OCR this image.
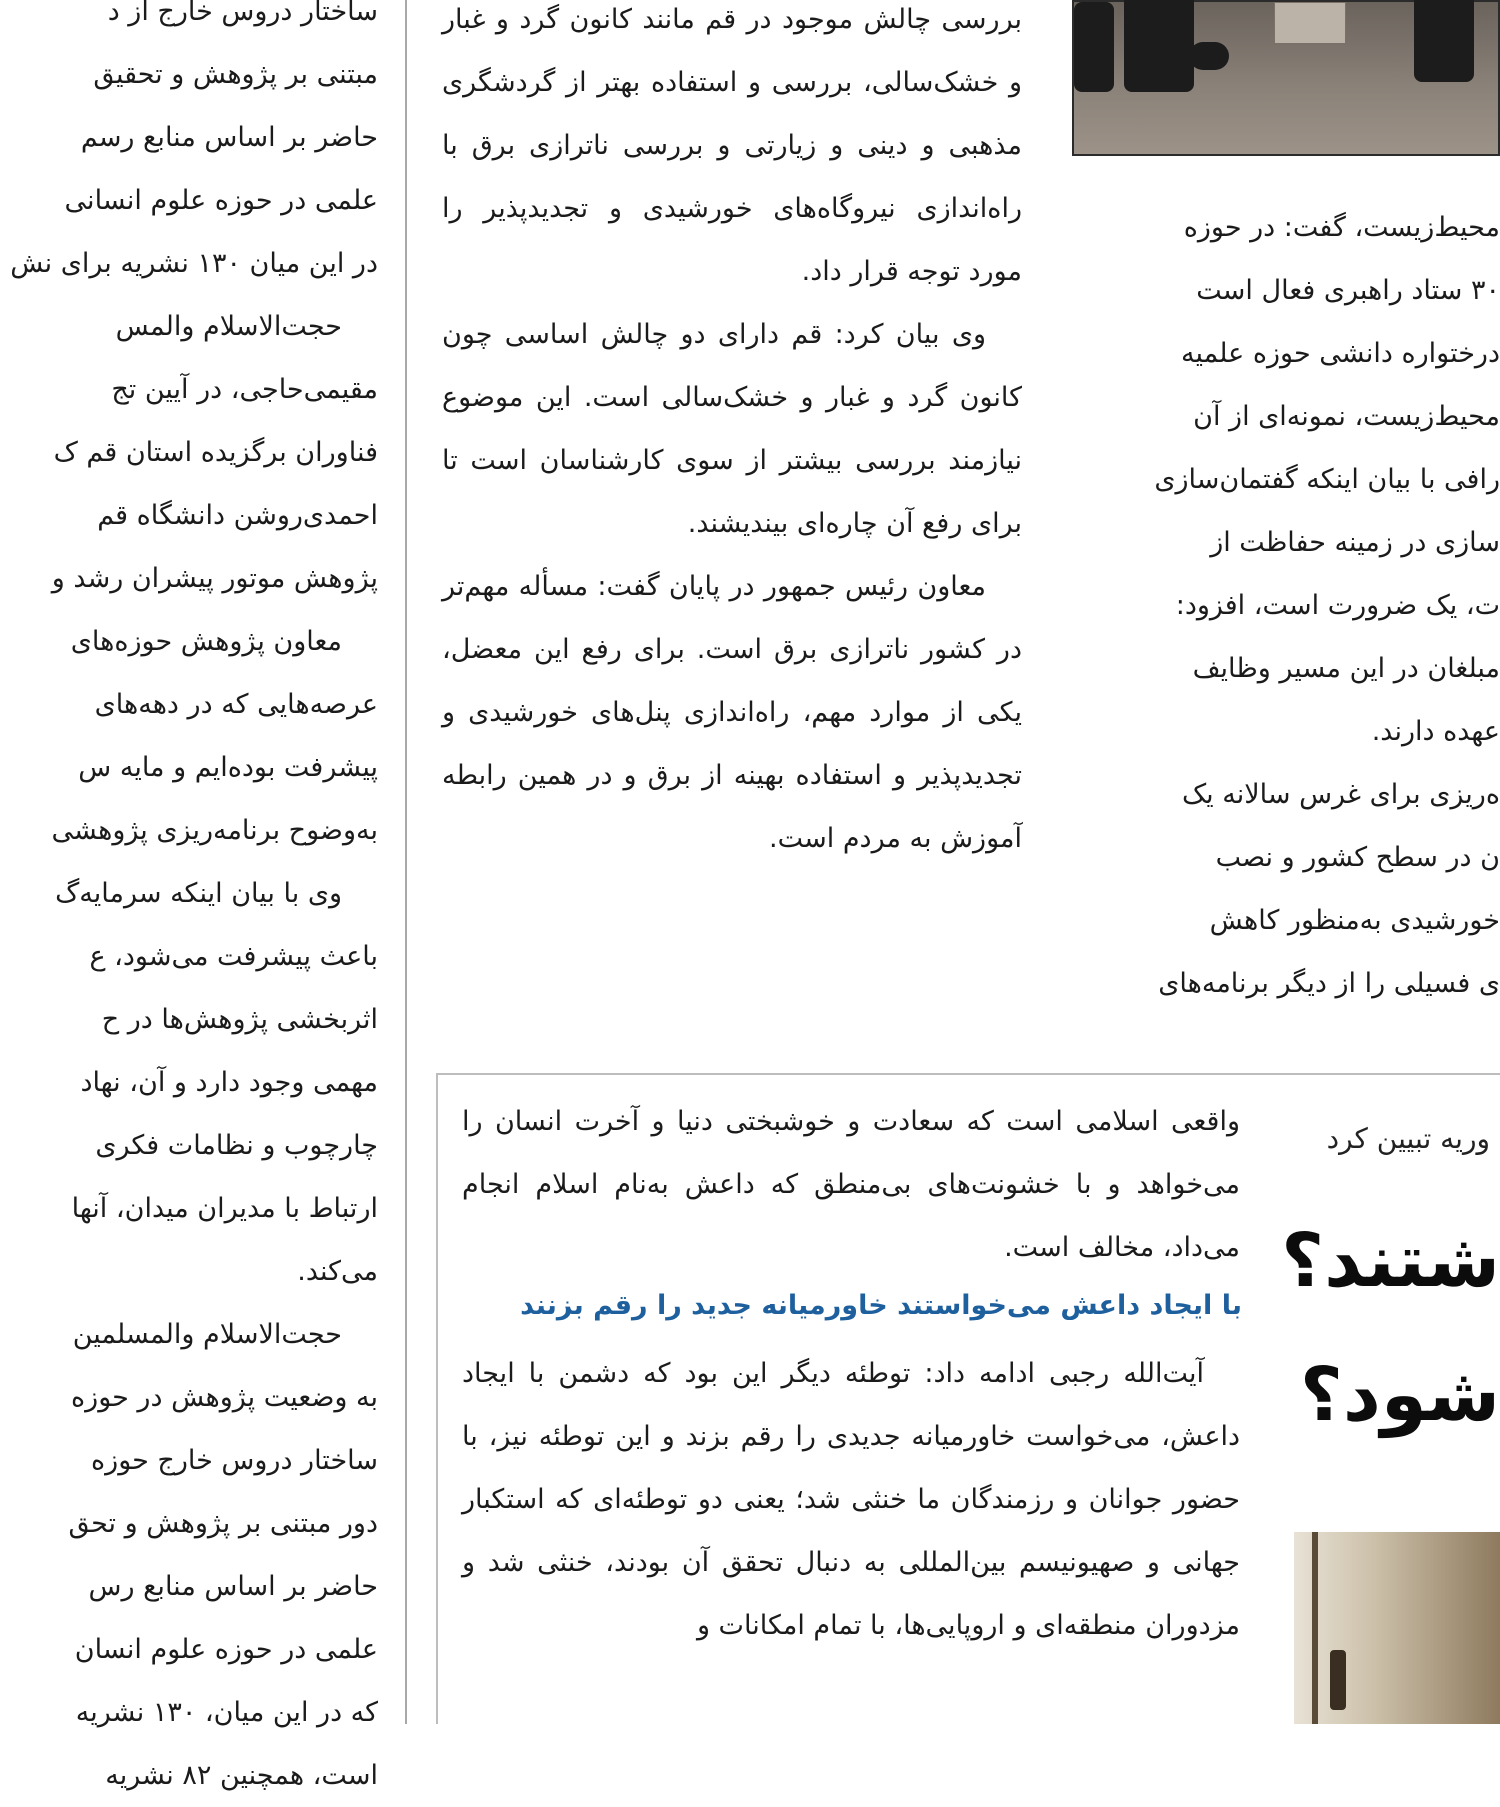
ساختار دروس خارج از د

مبتنی بر پژوهش و تحقیق

حاضر بر اساس منابع رسم

علمی در حوزه علوم انسانی

در این میان ۱۳۰ نشریه برای نش

حجت‌الاسلام والمس

مقیمی‌حاجی، در آیین تج

فناوران برگزیده استان قم ک

احمدی‌روشن دانشگاه قم

پژوهش موتور پیشران رشد و

معاون پژوهش حوزه‌های

عرصه‌هایی که در دهه‌های

پیشرفت بوده‌ایم و مایه س

به‌وضوح برنامه‌ریزی پژوهشی

وی با بیان اینکه سرمایه‌گ

باعث پیشرفت می‌شود، ع

اثربخشی پژوهش‌ها در ح

مهمی وجود دارد و آن، نهاد

چارچوب و نظامات فکری

ارتباط با مدیران میدان، آنها

می‌کند.

حجت‌الاسلام والمسلمین

به وضعیت پژوهش در حوزه

ساختار دروس خارج حوزه

دور مبتنی بر پژوهش و تحق

حاضر بر اساس منابع رس

علمی در حوزه علوم انسان

که در این میان، ۱۳۰ نشریه

است، همچنین ۸۲ نشریه

بررسی چالش موجود در قم مانند کانون گرد و غبار و خشک‌سالی، بررسی و استفاده بهتر از گردشگری مذهبی و دینی و زیارتی و بررسی ناترازی برق با راه‌اندازی نیروگاه‌های خورشیدی و تجدیدپذیر را مورد توجه قرار داد.

وی بیان کرد: قم دارای دو چالش اساسی چون کانون گرد و غبار و خشک‌سالی است. این موضوع نیازمند بررسی بیشتر از سوی کارشناسان است تا برای رفع آن چاره‌ای بیندیشند.

معاون رئیس جمهور در پایان گفت: مسأله مهم‌تر در کشور ناترازی برق است. برای رفع این معضل، یکی از موارد مهم، راه‌اندازی پنل‌های خورشیدی و تجدیدپذیر و استفاده بهینه از برق و در همین رابطه آموزش به مردم است.

محیط‌زیست، گفت: در حوزه

۳۰ ستاد راهبری فعال است

درختواره دانشی حوزه علمیه

محیط‌زیست، نمونه‌ای از آن

رافی با بیان اینکه گفتمان‌سازی

سازی در زمینه حفاظت از

ت، یک ضرورت است، افزود:

مبلغان در این مسیر وظایف

عهده دارند.

ه‌ریزی برای غرس سالانه یک

ن در سطح کشور و نصب

خورشیدی به‌منظور کاهش

ی فسیلی را از دیگر برنامه‌های

واقعی اسلامی است که سعادت و خوشبختی دنیا و آخرت انسان را می‌خواهد و با خشونت‌های بی‌منطق که داعش به‌نام اسلام انجام می‌داد، مخالف است.

با ایجاد داعش می‌خواستند خاورمیانه جدید را رقم بزنند

آیت‌الله رجبی ادامه داد: توطئه دیگر این بود که دشمن با ایجاد داعش، می‌خواست خاورمیانه جدیدی را رقم بزند و این توطئه نیز، با حضور جوانان و رزمندگان ما خنثی شد؛ یعنی دو توطئه‌ای که استکبار جهانی و صهیونیسم بین‌المللی به دنبال تحقق آن بودند، خنثی شد و مزدوران منطقه‌ای و اروپایی‌ها، با تمام امکانات و

وریه تبیین کرد
شتند؟
شود؟
